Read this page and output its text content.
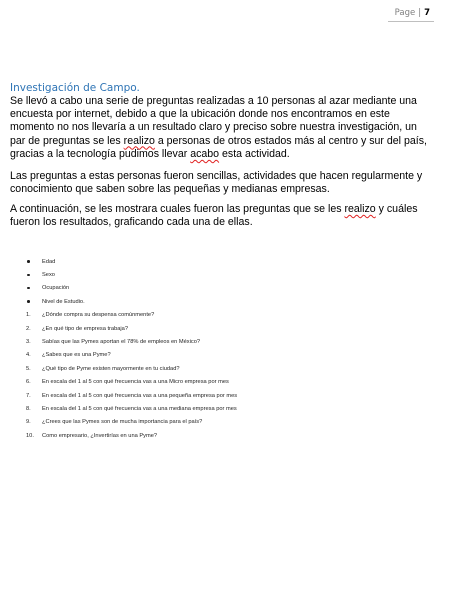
Page | 7
Investigación de Campo.

Se llevó a cabo una serie de preguntas realizadas a 10 personas al azar mediante una encuesta por internet, debido a que la ubicación donde nos encontramos en este momento no nos llevaría a un resultado claro y preciso sobre nuestra investigación, un par de preguntas se les realizo a personas de otros estados más al centro y sur del país, gracias a la tecnología pudimos llevar acabo esta actividad.

Las preguntas a estas personas fueron sencillas, actividades que hacen regularmente y conocimiento que saben sobre las pequeñas y medianas empresas.

A continuación, se les mostrara cuales fueron las preguntas que se les realizo y cuáles fueron los resultados, graficando cada una de ellas.

Edad
Sexo
Ocupación
Nivel de Estudio.
1.	¿Dónde compra su despensa comúnmente?
2.	¿En qué tipo de empresa trabaja?
3.	Sabías que las Pymes aportan el 78% de empleos en México?
4.	¿Sabes que es una Pyme?
5.	¿Qué tipo de Pyme existen mayormente en tu ciudad?
6.	En escala del 1 al 5 con qué frecuencia vas a una Micro empresa por mes
7.	En escala del 1 al 5 con qué frecuencia vas a una pequeña empresa por mes
8.	En escala del 1 al 5 con qué frecuencia vas a una mediana empresa por mes
9.	¿Crees que las Pymes son de mucha importancia para el país?
10.	Como empresario, ¿Invertirías en una Pyme?
